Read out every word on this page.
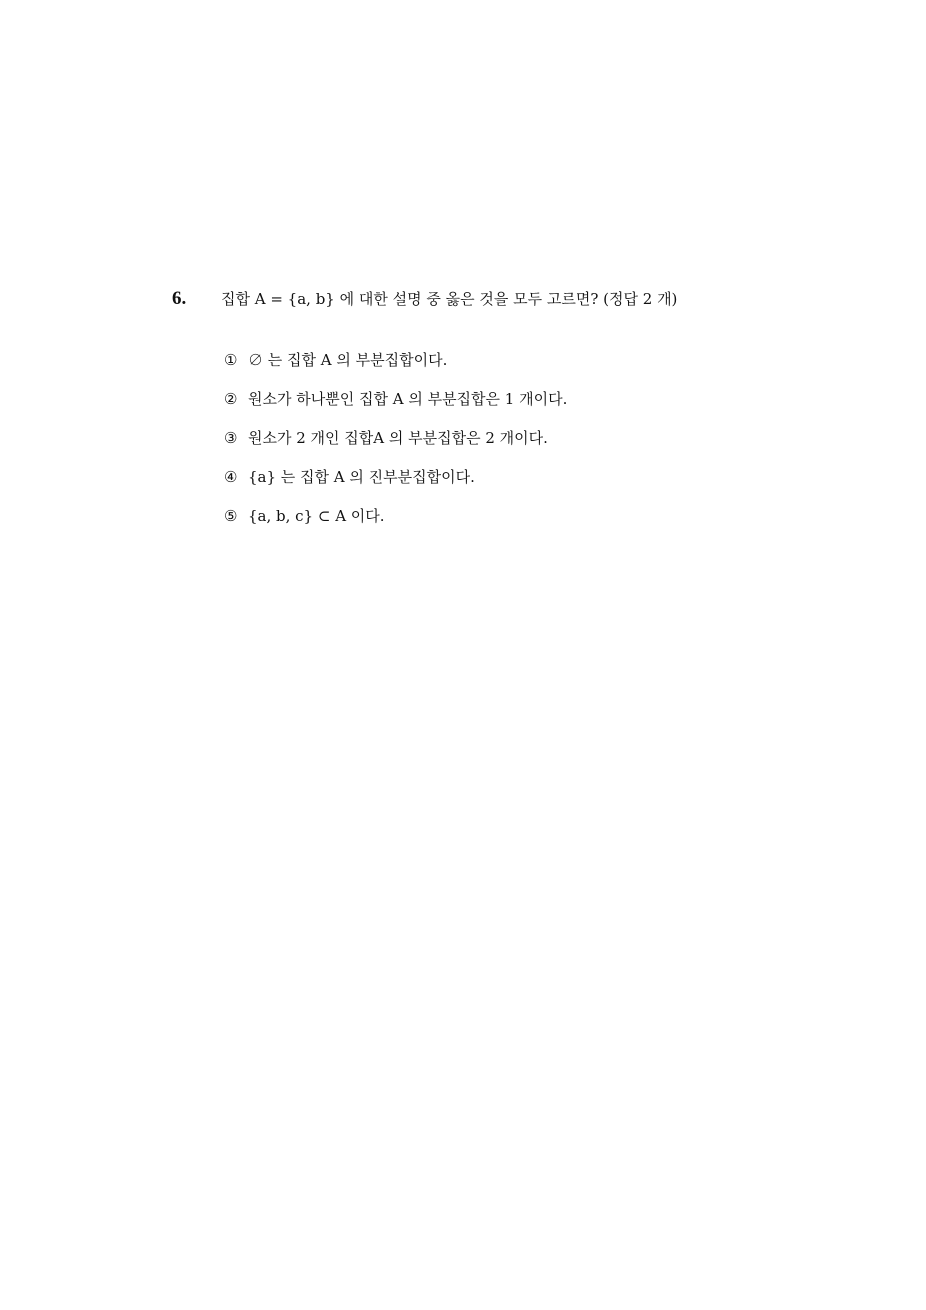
6. 집합 A = {a, b} 에 대한 설명 중 옳은 것을 모두 고르면? (정답 2 개)
① ∅ 는 집합 A 의 부분집합이다.
② 원소가 하나뿐인 집합 A 의 부분집합은 1 개이다.
③ 원소가 2 개인 집합A 의 부분집합은 2 개이다.
④ {a} 는 집합 A 의 진부분집합이다.
⑤ {a, b, c} ⊂ A 이다.
